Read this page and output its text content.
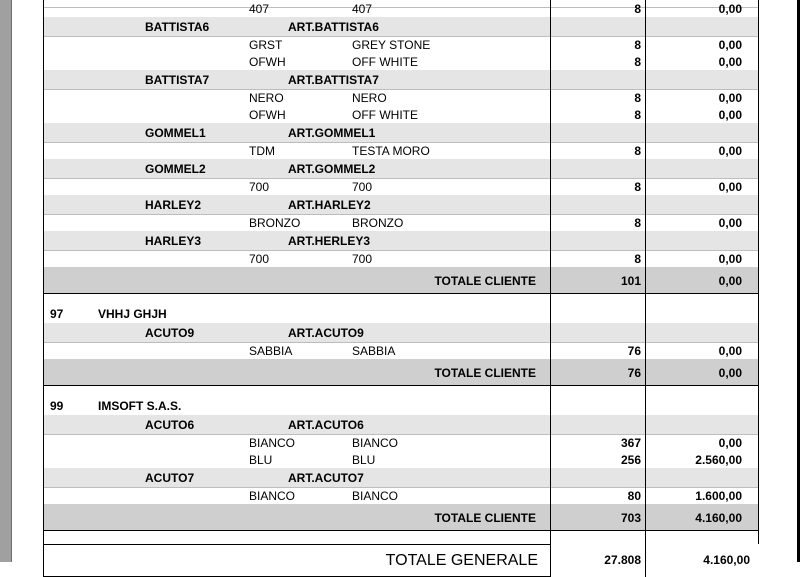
407	407	8	0,00
BATTISTA6	ART.BATTISTA6
GRST	GREY STONE	8	0,00
OFWH	OFF WHITE	8	0,00
BATTISTA7	ART.BATTISTA7
NERO	NERO	8	0,00
OFWH	OFF WHITE	8	0,00
GOMMEL1	ART.GOMMEL1
TDM	TESTA MORO	8	0,00
GOMMEL2	ART.GOMMEL2
700	700	8	0,00
HARLEY2	ART.HARLEY2
BRONZO	BRONZO	8	0,00
HARLEY3	ART.HERLEY3
700	700	8	0,00
TOTALE CLIENTE	101	0,00
97	VHHJ GHJH
ACUTO9	ART.ACUTO9
SABBIA	SABBIA	76	0,00
TOTALE CLIENTE	76	0,00
99	IMSOFT S.A.S.
ACUTO6	ART.ACUTO6
BIANCO	BIANCO	367	0,00
BLU	BLU	256	2.560,00
ACUTO7	ART.ACUTO7
BIANCO	BIANCO	80	1.600,00
TOTALE CLIENTE	703	4.160,00
TOTALE GENERALE	27.808	4.160,00
